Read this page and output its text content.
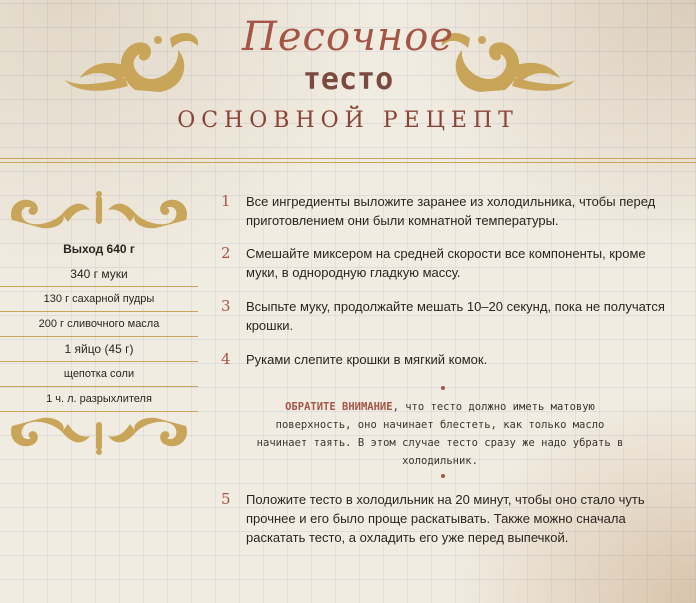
Песочное
тесто
ОСНОВНОЙ РЕЦЕПТ
Выход 640 г
340 г муки
130 г сахарной пудры
200 г сливочного масла
1 яйцо (45 г)
щепотка соли
1 ч. л. разрыхлителя
1	Все ингредиенты выложите заранее из холодильника, чтобы перед приготовлением они были комнатной температуры.
2	Смешайте миксером на средней скорости все компоненты, кроме муки, в однородную гладкую массу.
3	Всыпьте муку, продолжайте мешать 10–20 секунд, пока не получатся крошки.
4	Руками слепите крошки в мягкий комок.
ОБРАТИТЕ ВНИМАНИЕ, что тесто должно иметь матовую поверхность, оно начинает блестеть, как только масло начинает таять. В этом случае тесто сразу же надо убрать в холодильник.
5	Положите тесто в холодильник на 20 минут, чтобы оно стало чуть прочнее и его было проще раскатывать. Также можно сначала раскатать тесто, а охладить его уже перед выпечкой.
